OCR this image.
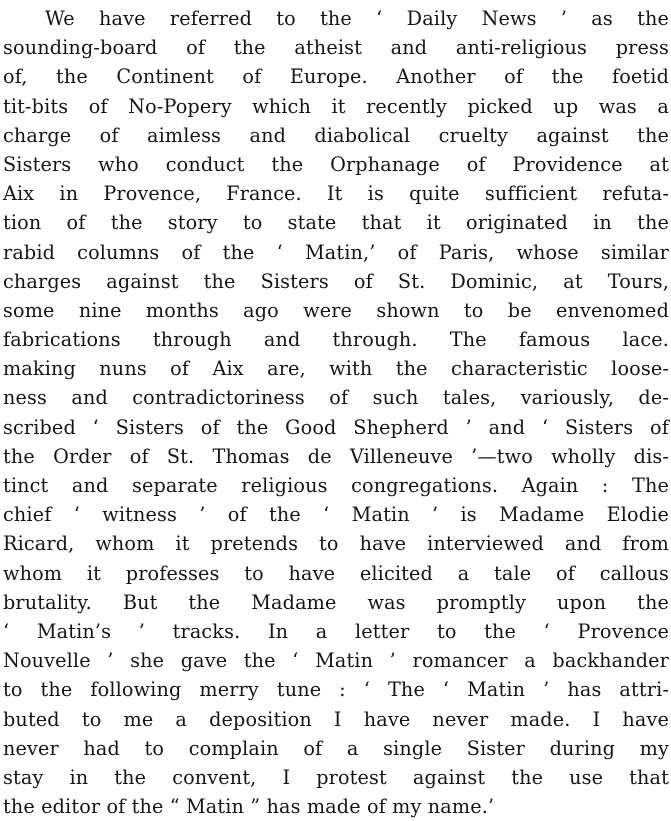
We have referred to the ‘ Daily News ’ as the
sounding-board of the atheist and anti-religious press
of, the Continent of Europe. Another of the foetid
tit-bits of No-Popery which it recently picked up was a
charge of aimless and diabolical cruelty against the
Sisters who conduct the Orphanage of Providence at
Aix in Provence, France. It is quite sufficient refuta-
tion of the story to state that it originated in the
rabid columns of the ‘ Matin,’ of Paris, whose similar
charges against the Sisters of St. Dominic, at Tours,
some nine months ago were shown to be envenomed
fabrications through and through. The famous lace.
making nuns of Aix are, with the characteristic loose-
ness and contradictoriness of such tales, variously, de-
scribed ‘ Sisters of the Good Shepherd ’ and ‘ Sisters of
the Order of St. Thomas de Villeneuve ’—two wholly dis-
tinct and separate religious congregations. Again : The
chief ‘ witness ’ of the ‘ Matin ’ is Madame Elodie
Ricard, whom it pretends to have interviewed and from
whom it professes to have elicited a tale of callous
brutality. But the Madame was promptly upon the
‘ Matin’s ’ tracks. In a letter to the ‘ Provence
Nouvelle ’ she gave the ‘ Matin ’ romancer a backhander
to the following merry tune : ‘ The ‘ Matin ’ has attri-
buted to me a deposition I have never made. I have
never had to complain of a single Sister during my
stay in the convent, I protest against the use that
the editor of the “ Matin ” has made of my name.’
